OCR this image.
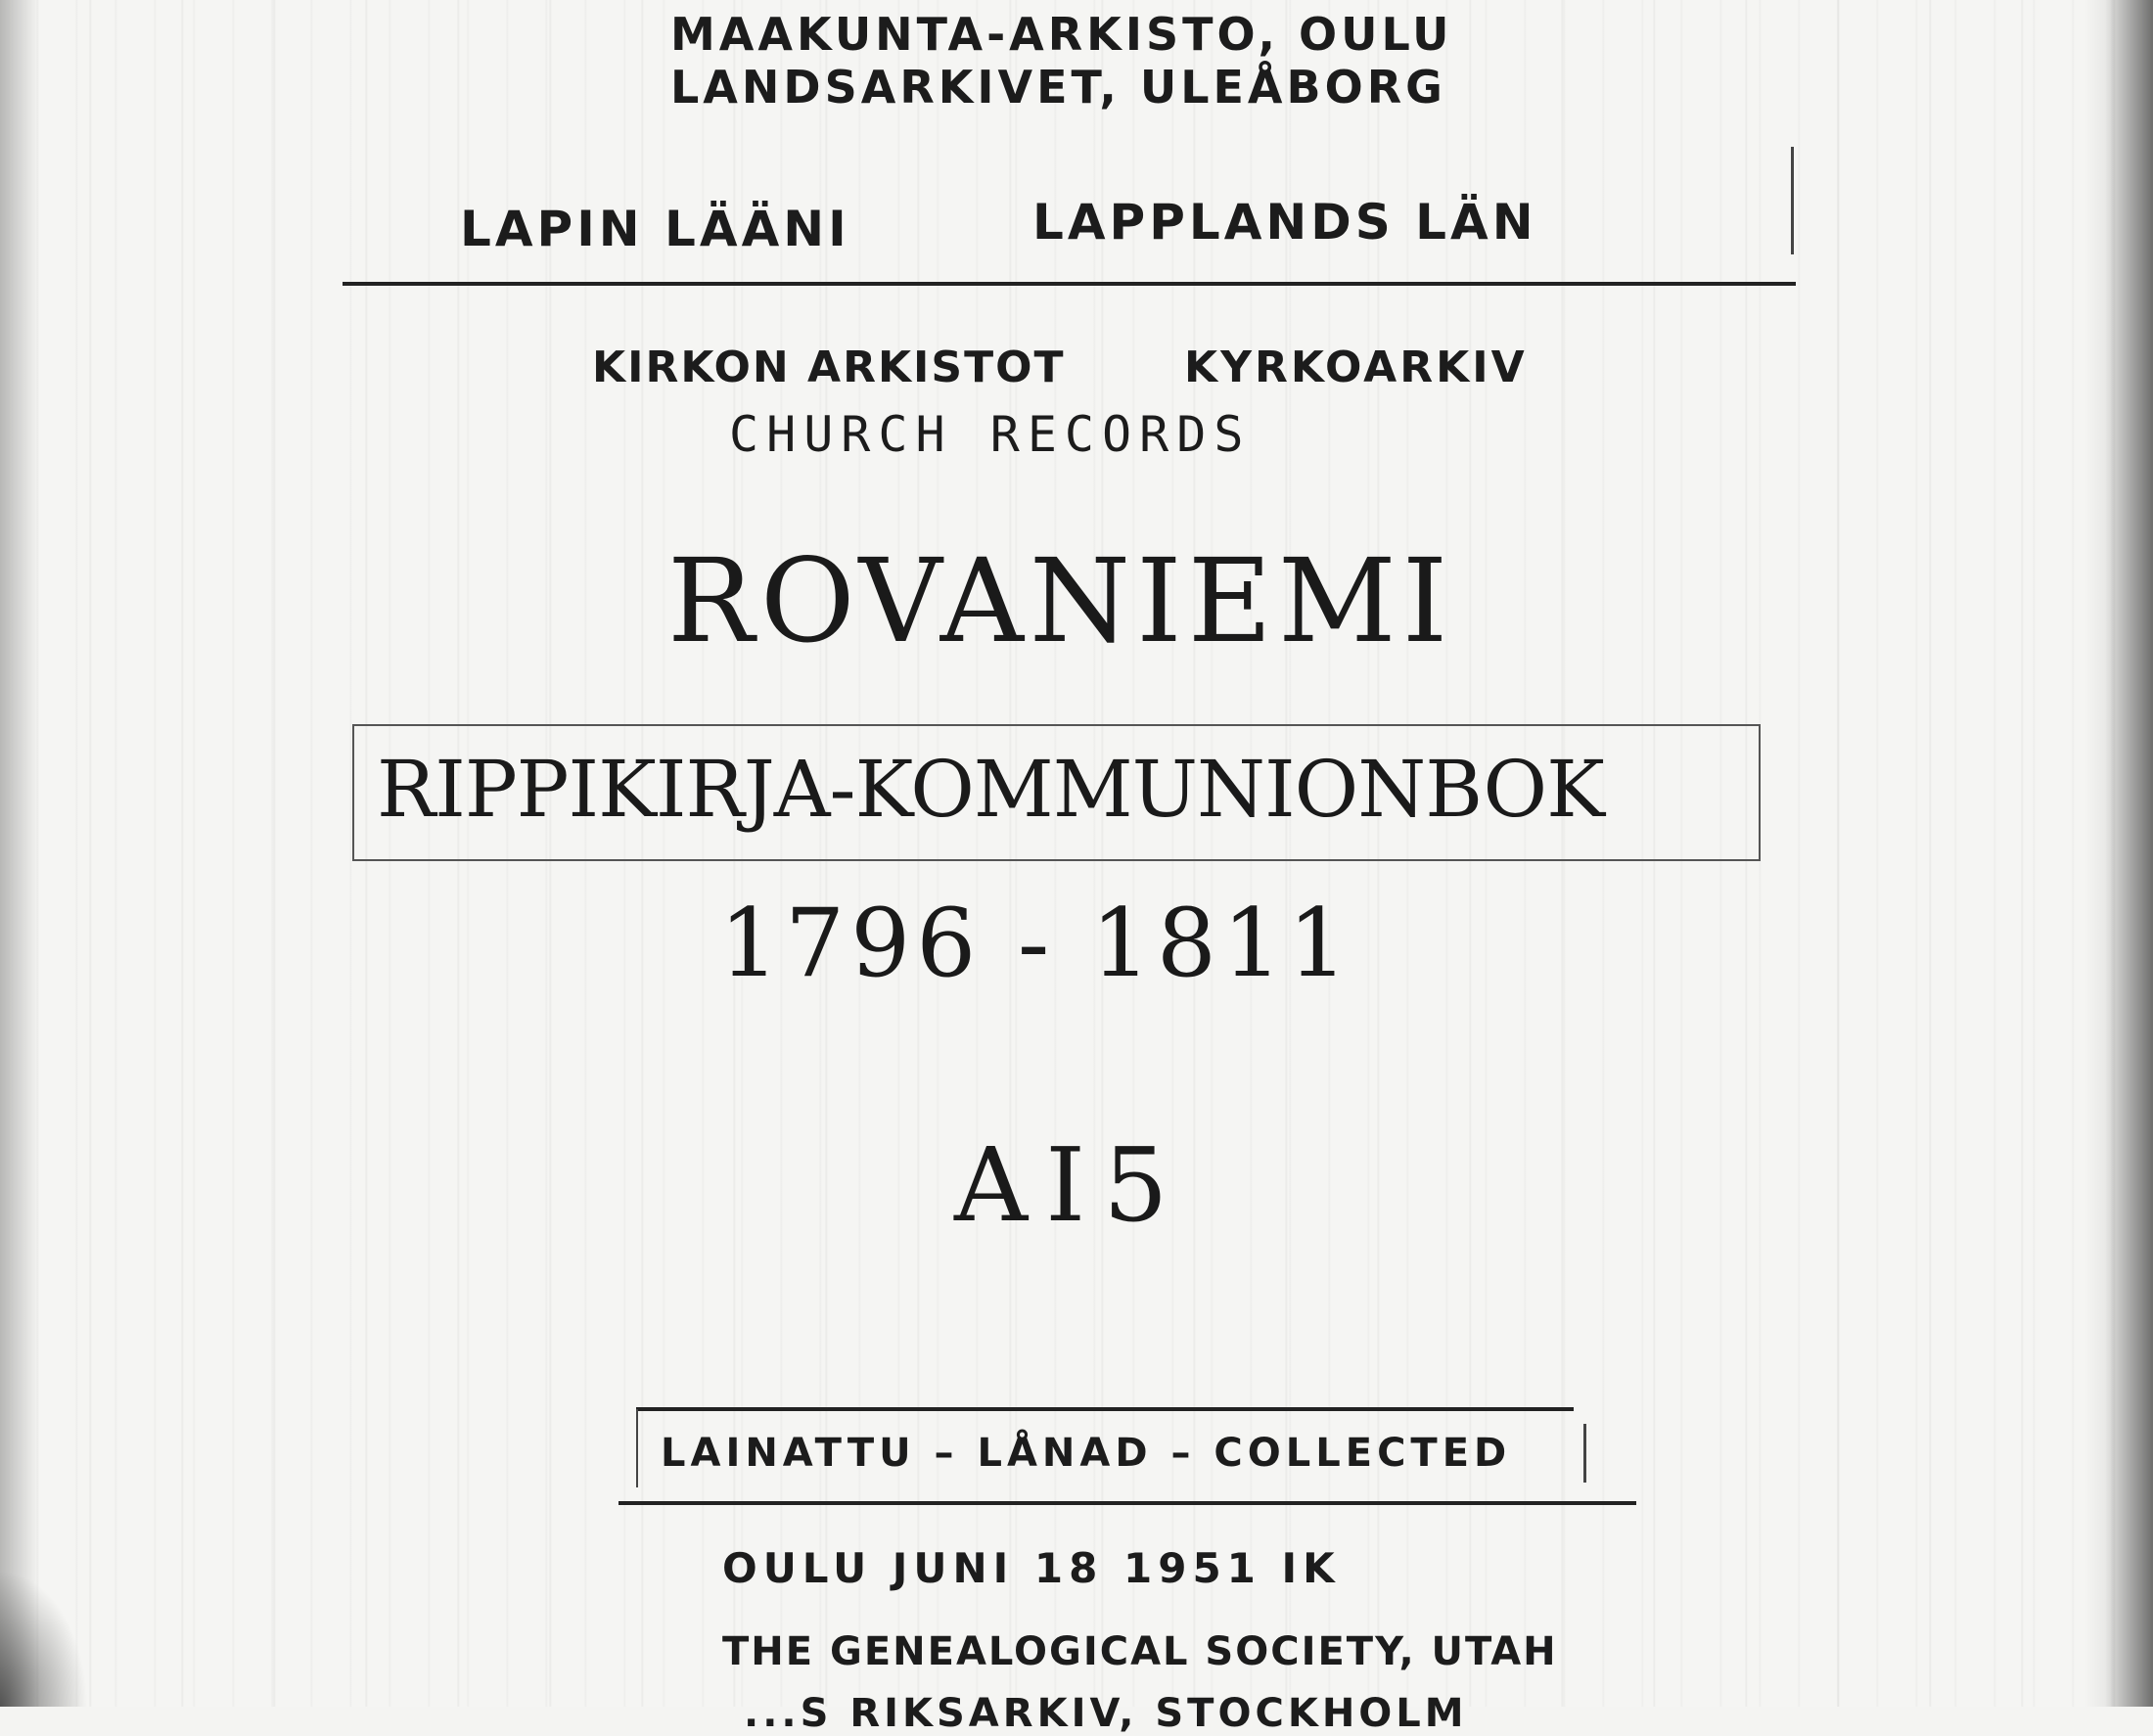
MAAKUNTA-ARKISTO, OULU
LANDSARKIVET, ULEÅBORG
LAPIN LÄÄNI	LAPPLANDS LÄN
KIRKON ARKISTOT	KYRKOARKIV
CHURCH RECORDS
ROVANIEMI
RIPPIKIRJA-KOMMUNIONBOK
1796 - 1811
AI5
LAINATTU – LÅNAD – COLLECTED
OULU JUNI 18 1951 IK
THE GENEALOGICAL SOCIETY, UTAH
...S RIKSARKIV, STOCKHOLM
